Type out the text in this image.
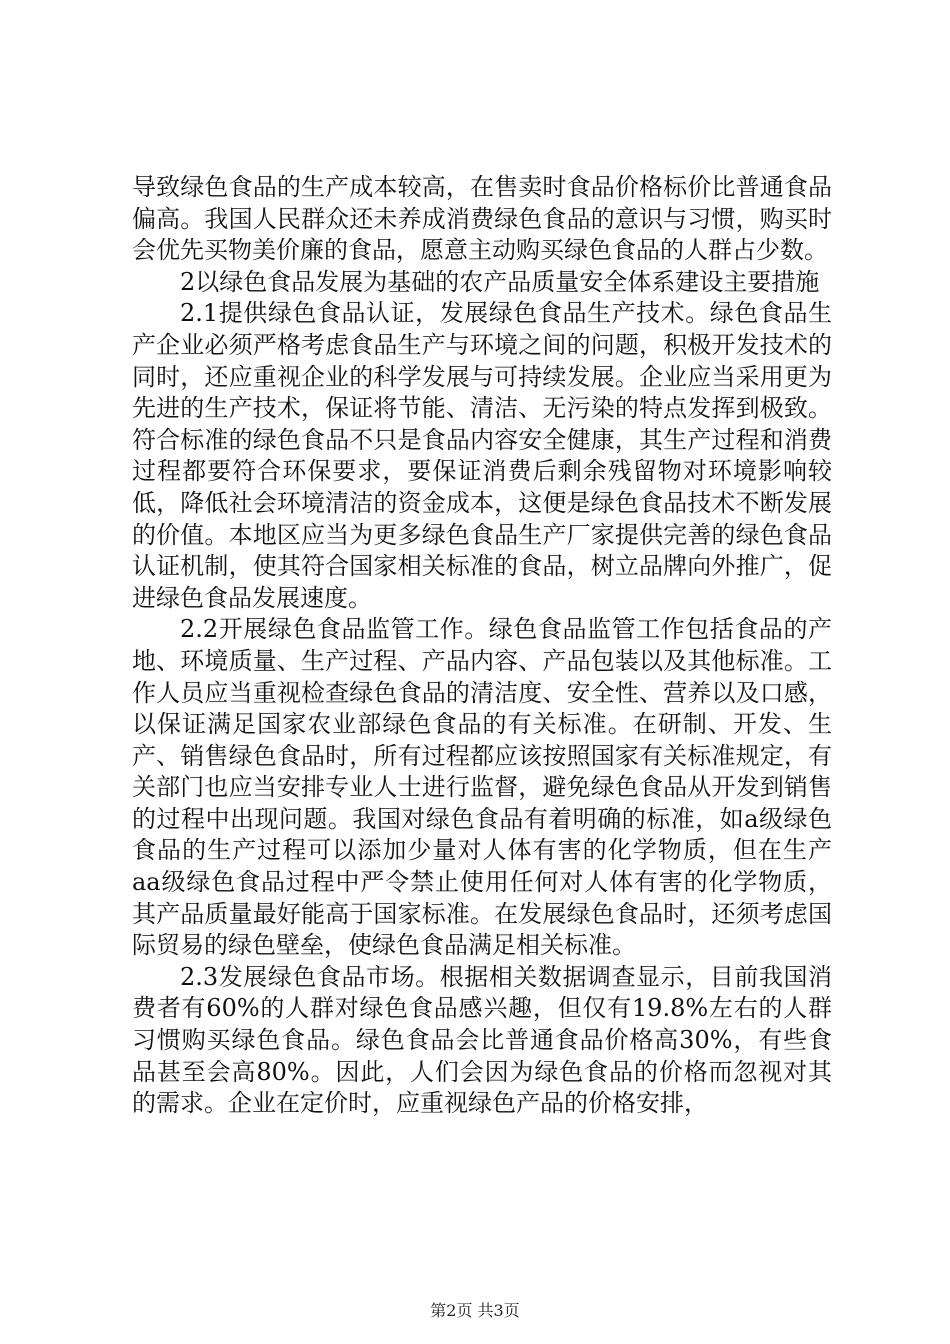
导致绿色食品的生产成本较高，在售卖时食品价格标价比普通食品偏高。我国人民群众还未养成消费绿色食品的意识与习惯，购买时会优先买物美价廉的食品，愿意主动购买绿色食品的人群占少数。

2以绿色食品发展为基础的农产品质量安全体系建设主要措施

2.1提供绿色食品认证，发展绿色食品生产技术。绿色食品生产企业必须严格考虑食品生产与环境之间的问题，积极开发技术的同时，还应重视企业的科学发展与可持续发展。企业应当采用更为先进的生产技术，保证将节能、清洁、无污染的特点发挥到极致。符合标准的绿色食品不只是食品内容安全健康，其生产过程和消费过程都要符合环保要求，要保证消费后剩余残留物对环境影响较低，降低社会环境清洁的资金成本，这便是绿色食品技术不断发展的价值。本地区应当为更多绿色食品生产厂家提供完善的绿色食品认证机制，使其符合国家相关标准的食品，树立品牌向外推广，促进绿色食品发展速度。

2.2开展绿色食品监管工作。绿色食品监管工作包括食品的产地、环境质量、生产过程、产品内容、产品包装以及其他标准。工作人员应当重视检查绿色食品的清洁度、安全性、营养以及口感，以保证满足国家农业部绿色食品的有关标准。在研制、开发、生产、销售绿色食品时，所有过程都应该按照国家有关标准规定，有关部门也应当安排专业人士进行监督，避免绿色食品从开发到销售的过程中出现问题。我国对绿色食品有着明确的标准，如a级绿色食品的生产过程可以添加少量对人体有害的化学物质，但在生产aa级绿色食品过程中严令禁止使用任何对人体有害的化学物质，其产品质量最好能高于国家标准。在发展绿色食品时，还须考虑国际贸易的绿色壁垒，使绿色食品满足相关标准。

2.3发展绿色食品市场。根据相关数据调查显示，目前我国消费者有60%的人群对绿色食品感兴趣，但仅有19.8%左右的人群习惯购买绿色食品。绿色食品会比普通食品价格高30%，有些食品甚至会高80%。因此，人们会因为绿色食品的价格而忽视对其的需求。企业在定价时，应重视绿色产品的价格安排，

第2页 共3页
